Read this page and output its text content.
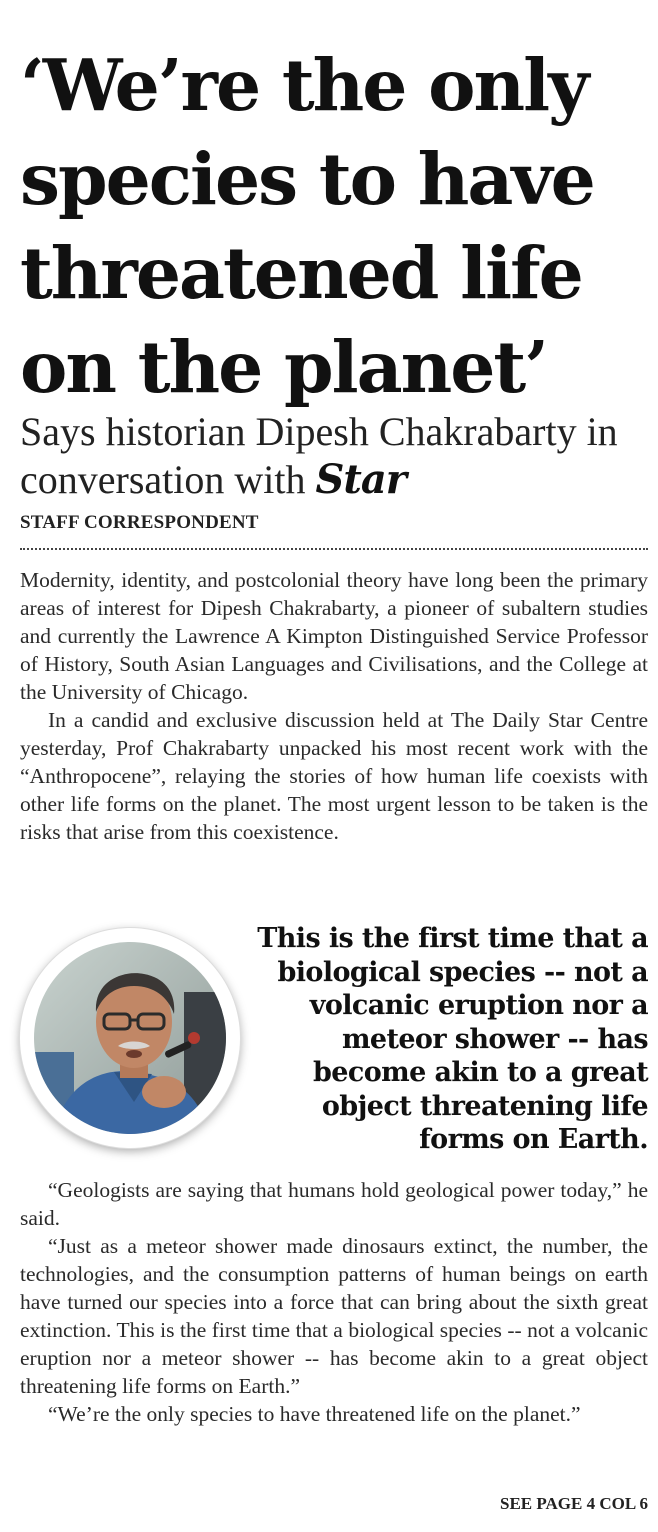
‘We’re the only species to have threatened life on the planet’
Says historian Dipesh Chakrabarty in conversation with Star
STAFF CORRESPONDENT

Modernity, identity, and postcolonial theory have long been the primary areas of interest for Dipesh Chakrabarty, a pioneer of subaltern studies and currently the Lawrence A Kimpton Distinguished Service Professor of History, South Asian Languages and Civilisations, and the College at the University of Chicago.

In a candid and exclusive discussion held at The Daily Star Centre yesterday, Prof Chakrabarty unpacked his most recent work with the “Anthropocene”, relaying the stories of how human life coexists with other life forms on the planet. The most urgent lesson to be taken is the risks that arise from this coexistence.

This is the first time that a biological species -- not a volcanic eruption nor a meteor shower -- has become akin to a great object threatening life forms on Earth.

“Geologists are saying that humans hold geological power today,” he said.

“Just as a meteor shower made dinosaurs extinct, the number, the technologies, and the consumption patterns of human beings on earth have turned our species into a force that can bring about the sixth great extinction. This is the first time that a biological species -- not a volcanic eruption nor a meteor shower -- has become akin to a great object threatening life forms on Earth.”

“We’re the only species to have threatened life on the planet.”

SEE PAGE 4 COL 6
